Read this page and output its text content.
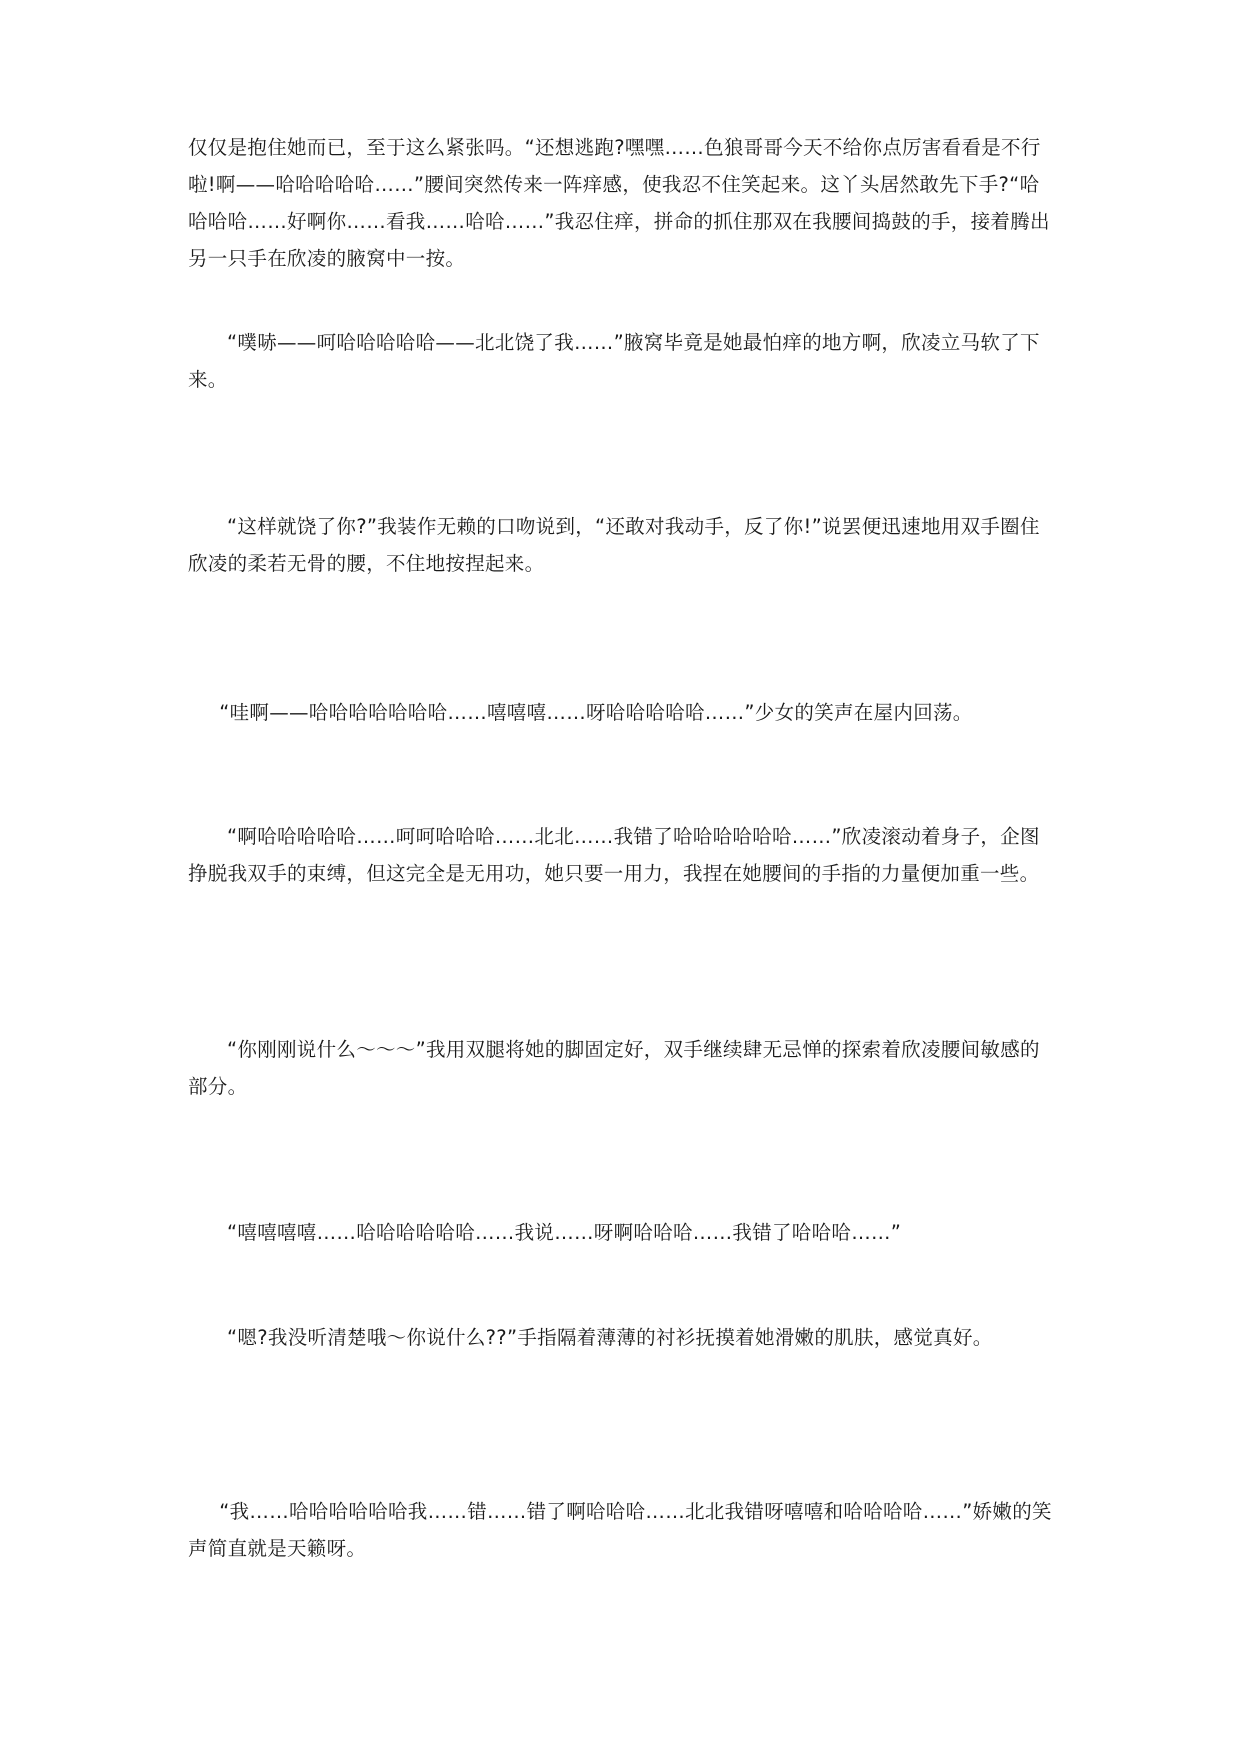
仅仅是抱住她而已，至于这么紧张吗。“还想逃跑?嘿嘿……色狼哥哥今天不给你点厉害看看是不行啦!啊——哈哈哈哈哈……”腰间突然传来一阵痒感，使我忍不住笑起来。这丫头居然敢先下手?“哈哈哈哈……好啊你……看我……哈哈……”我忍住痒，拼命的抓住那双在我腰间捣鼓的手，接着腾出另一只手在欣凌的腋窝中一按。

“噗哧——呵哈哈哈哈哈——北北饶了我……”腋窝毕竟是她最怕痒的地方啊，欣凌立马软了下来。

“这样就饶了你?”我装作无赖的口吻说到，“还敢对我动手，反了你!”说罢便迅速地用双手圈住欣凌的柔若无骨的腰，不住地按捏起来。

“哇啊——哈哈哈哈哈哈哈……嘻嘻嘻……呀哈哈哈哈哈……”少女的笑声在屋内回荡。

“啊哈哈哈哈哈……呵呵哈哈哈……北北……我错了哈哈哈哈哈哈……”欣凌滚动着身子，企图挣脱我双手的束缚，但这完全是无用功，她只要一用力，我捏在她腰间的手指的力量便加重一些。

“你刚刚说什么～～～”我用双腿将她的脚固定好，双手继续肆无忌惮的探索着欣凌腰间敏感的部分。

“嘻嘻嘻嘻……哈哈哈哈哈哈……我说……呀啊哈哈哈……我错了哈哈哈……”

“嗯?我没听清楚哦～你说什么??”手指隔着薄薄的衬衫抚摸着她滑嫩的肌肤，感觉真好。

“我……哈哈哈哈哈哈我……错……错了啊哈哈哈……北北我错呀嘻嘻和哈哈哈哈……”娇嫩的笑声简直就是天籁呀。
